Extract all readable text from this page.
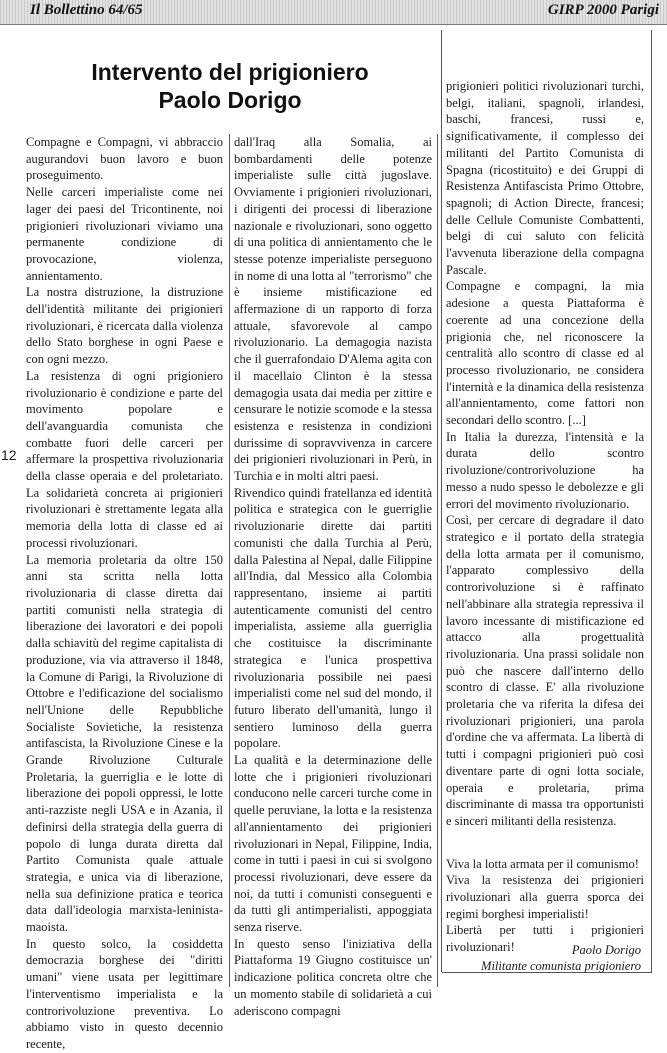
Il Bollettino 64/65	GIRP 2000 Parigi
12
Intervento del prigioniero
Paolo Dorigo

Compagne e Compagni, vi abbraccio augurandovi buon lavoro e buon proseguimento.

Nelle carceri imperialiste come nei lager dei paesi del Tricontinente, noi prigionieri rivoluzionari viviamo una permanente condizione di provocazione, violenza, annientamento.

La nostra distruzione, la distruzione dell'identità militante dei prigionieri rivoluzionari, è ricercata dalla violenza dello Stato borghese in ogni Paese e con ogni mezzo.

La resistenza di ogni prigioniero rivoluzionario è condizione e parte del movimento popolare e dell'avanguardia comunista che combatte fuori delle carceri per affermare la prospettiva rivoluzionaria della classe operaia e del proletariato. La solidarietà concreta ai prigionieri rivoluzionari è strettamente legata alla memoria della lotta di classe ed ai processi rivoluzionari.

La memoria proletaria da oltre 150 anni sta scritta nella lotta rivoluzionaria di classe diretta dai partiti comunisti nella strategia di liberazione dei lavoratori e dei popoli dalla schiavitù del regime capitalista di produzione, via via attraverso il 1848, la Comune di Parigi, la Rivoluzione di Ottobre e l'edificazione del socialismo nell'Unione delle Repubbliche Socialiste Sovietiche, la resistenza antifascista, la Rivoluzione Cinese e la Grande Rivoluzione Culturale Proletaria, la guerriglia e le lotte di liberazione dei popoli oppressi, le lotte anti-razziste negli USA e in Azania, il definirsi della strategia della guerra di popolo di lunga durata diretta dal Partito Comunista quale attuale strategia, e unica via di liberazione, nella sua definizione pratica e teorica data dall'ideologia marxista-leninista-maoista.

In questo solco, la cosiddetta democrazia borghese dei "diritti umani" viene usata per legittimare l'interventismo imperialista e la controrivoluzione preventiva. Lo abbiamo visto in questo decennio recente,

dall'Iraq alla Somalia, ai bombardamenti delle potenze imperialiste sulle città jugoslave. Ovviamente i prigionieri rivoluzionari, i dirigenti dei processi di liberazione nazionale e rivoluzionari, sono oggetto di una politica di annientamento che le stesse potenze imperialiste perseguono in nome di una lotta al "terrorismo" che è insieme mistificazione ed affermazione di un rapporto di forza attuale, sfavorevole al campo rivoluzionario. La demagogia nazista che il guerrafondaio D'Alema agita con il macellaio Clinton è la stessa demagogia usata dai media per zittire e censurare le notizie scomode e la stessa esistenza e resistenza in condizioni durissime di sopravvivenza in carcere dei prigionieri rivoluzionari in Perù, in Turchia e in molti altri paesi.

Rivendico quindi fratellanza ed identità politica e strategica con le guerriglie rivoluzionarie dirette dai partiti comunisti che dalla Turchia al Perù, dalla Palestina al Nepal, dalle Filippine all'India, dal Messico alla Colombia rappresentano, insieme ai partiti autenticamente comunisti del centro imperialista, assieme alla guerriglia che costituisce la discriminante strategica e l'unica prospettiva rivoluzionaria possibile nei paesi imperialisti come nel sud del mondo, il futuro liberato dell'umanità, lungo il sentiero luminoso della guerra popolare.

La qualità e la determinazione delle lotte che i prigionieri rivoluzionari conducono nelle carceri turche come in quelle peruviane, la lotta e la resistenza all'annientamento dei prigionieri rivoluzionari in Nepal, Filippine, India, come in tutti i paesi in cui si svolgono processi rivoluzionari, deve essere da noi, da tutti i comunisti conseguenti e da tutti gli antimperialisti, appoggiata senza riserve.

In questo senso l'iniziativa della Piattaforma 19 Giugno costituisce un' indicazione politica concreta oltre che un momento stabile di solidarietà a cui aderiscono compagni

prigionieri politici rivoluzionari turchi, belgi, italiani, spagnoli, irlandesi, baschi, francesi, russi e, significativamente, il complesso dei militanti del Partito Comunista di Spagna (ricostituito) e dei Gruppi di Resistenza Antifascista Primo Ottobre, spagnoli; di Action Directe, francesi; delle Cellule Comuniste Combattenti, belgi di cui saluto con felicità l'avvenuta liberazione della compagna Pascale.

Compagne e compagni, la mia adesione a questa Piattaforma è coerente ad una concezione della prigionia che, nel riconoscere la centralità allo scontro di classe ed al processo rivoluzionario, ne considera l'internità e la dinamica della resistenza all'annientamento, come fattori non secondari dello scontro. [...]

In Italia la durezza, l'intensità e la durata dello scontro rivoluzione/controrivoluzione ha messo a nudo spesso le debolezze e gli errori del movimento rivoluzionario.

Così, per cercare di degradare il dato strategico e il portato della strategia della lotta armata per il comunismo, l'apparato complessivo della controrivoluzione si è raffinato nell'abbinare alla strategia repressiva il lavoro incessante di mistificazione ed attacco alla progettualità rivoluzionaria. Una prassi solidale non può che nascere dall'interno dello scontro di classe. E' alla rivoluzione proletaria che va riferita la difesa dei rivoluzionari prigionieri, una parola d'ordine che va affermata. La libertà di tutti i compagni prigionieri può così diventare parte di ogni lotta sociale, operaia e proletaria, prima discriminante di massa tra opportunisti e sinceri militanti della resistenza.

Viva la lotta armata per il comunismo!

Viva la resistenza dei prigionieri rivoluzionari alla guerra sporca dei regimi borghesi imperialisti!

Libertà per tutti i prigionieri rivoluzionari!	Paolo Dorigo
Militante comunista prigioniero
